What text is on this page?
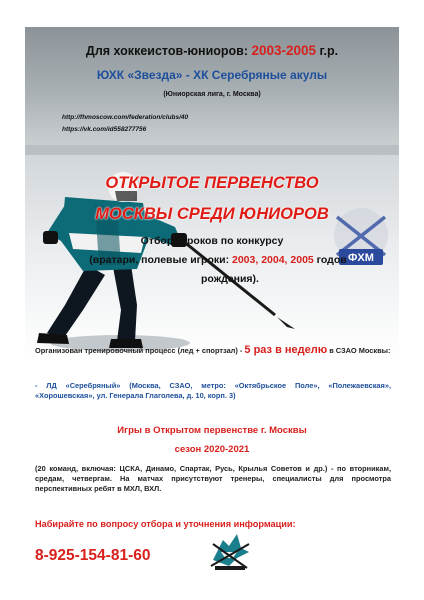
Для хоккеистов-юниоров: 2003-2005 г.р.
ЮХК «Звезда» - ХК Серебряные акулы
(Юниорская лига, г. Москва)
http://fhmoscow.com/federation/clubs/40
https://vk.com/id558277756
ФХМ
ОТКРЫТОЕ ПЕРВЕНСТВО
МОСКВЫ СРЕДИ ЮНИОРОВ
Отбор игроков по конкурсу
(вратари, полевые игроки: 2003, 2004, 2005 годов
рождения).
Организован тренировочный процесс (лед + спортзал) - 5 раз в неделю в СЗАО Москвы:
- ЛД «Серебряный» (Москва, СЗАО, метро: «Октябрьское Поле», «Полежаевская», «Хорошевская», ул. Генерала Глаголева, д. 10, корп. 3)
Игры в Открытом первенстве г. Москвы
сезон 2020-2021
(20 команд, включая: ЦСКА, Динамо, Спартак, Русь, Крылья Советов и др.) - по вторникам, средам, четвергам. На матчах присутствуют тренеры, специалисты для просмотра перспективных ребят в МХЛ, ВХЛ.
Набирайте по вопросу отбора и уточнения информации:
8-925-154-81-60
